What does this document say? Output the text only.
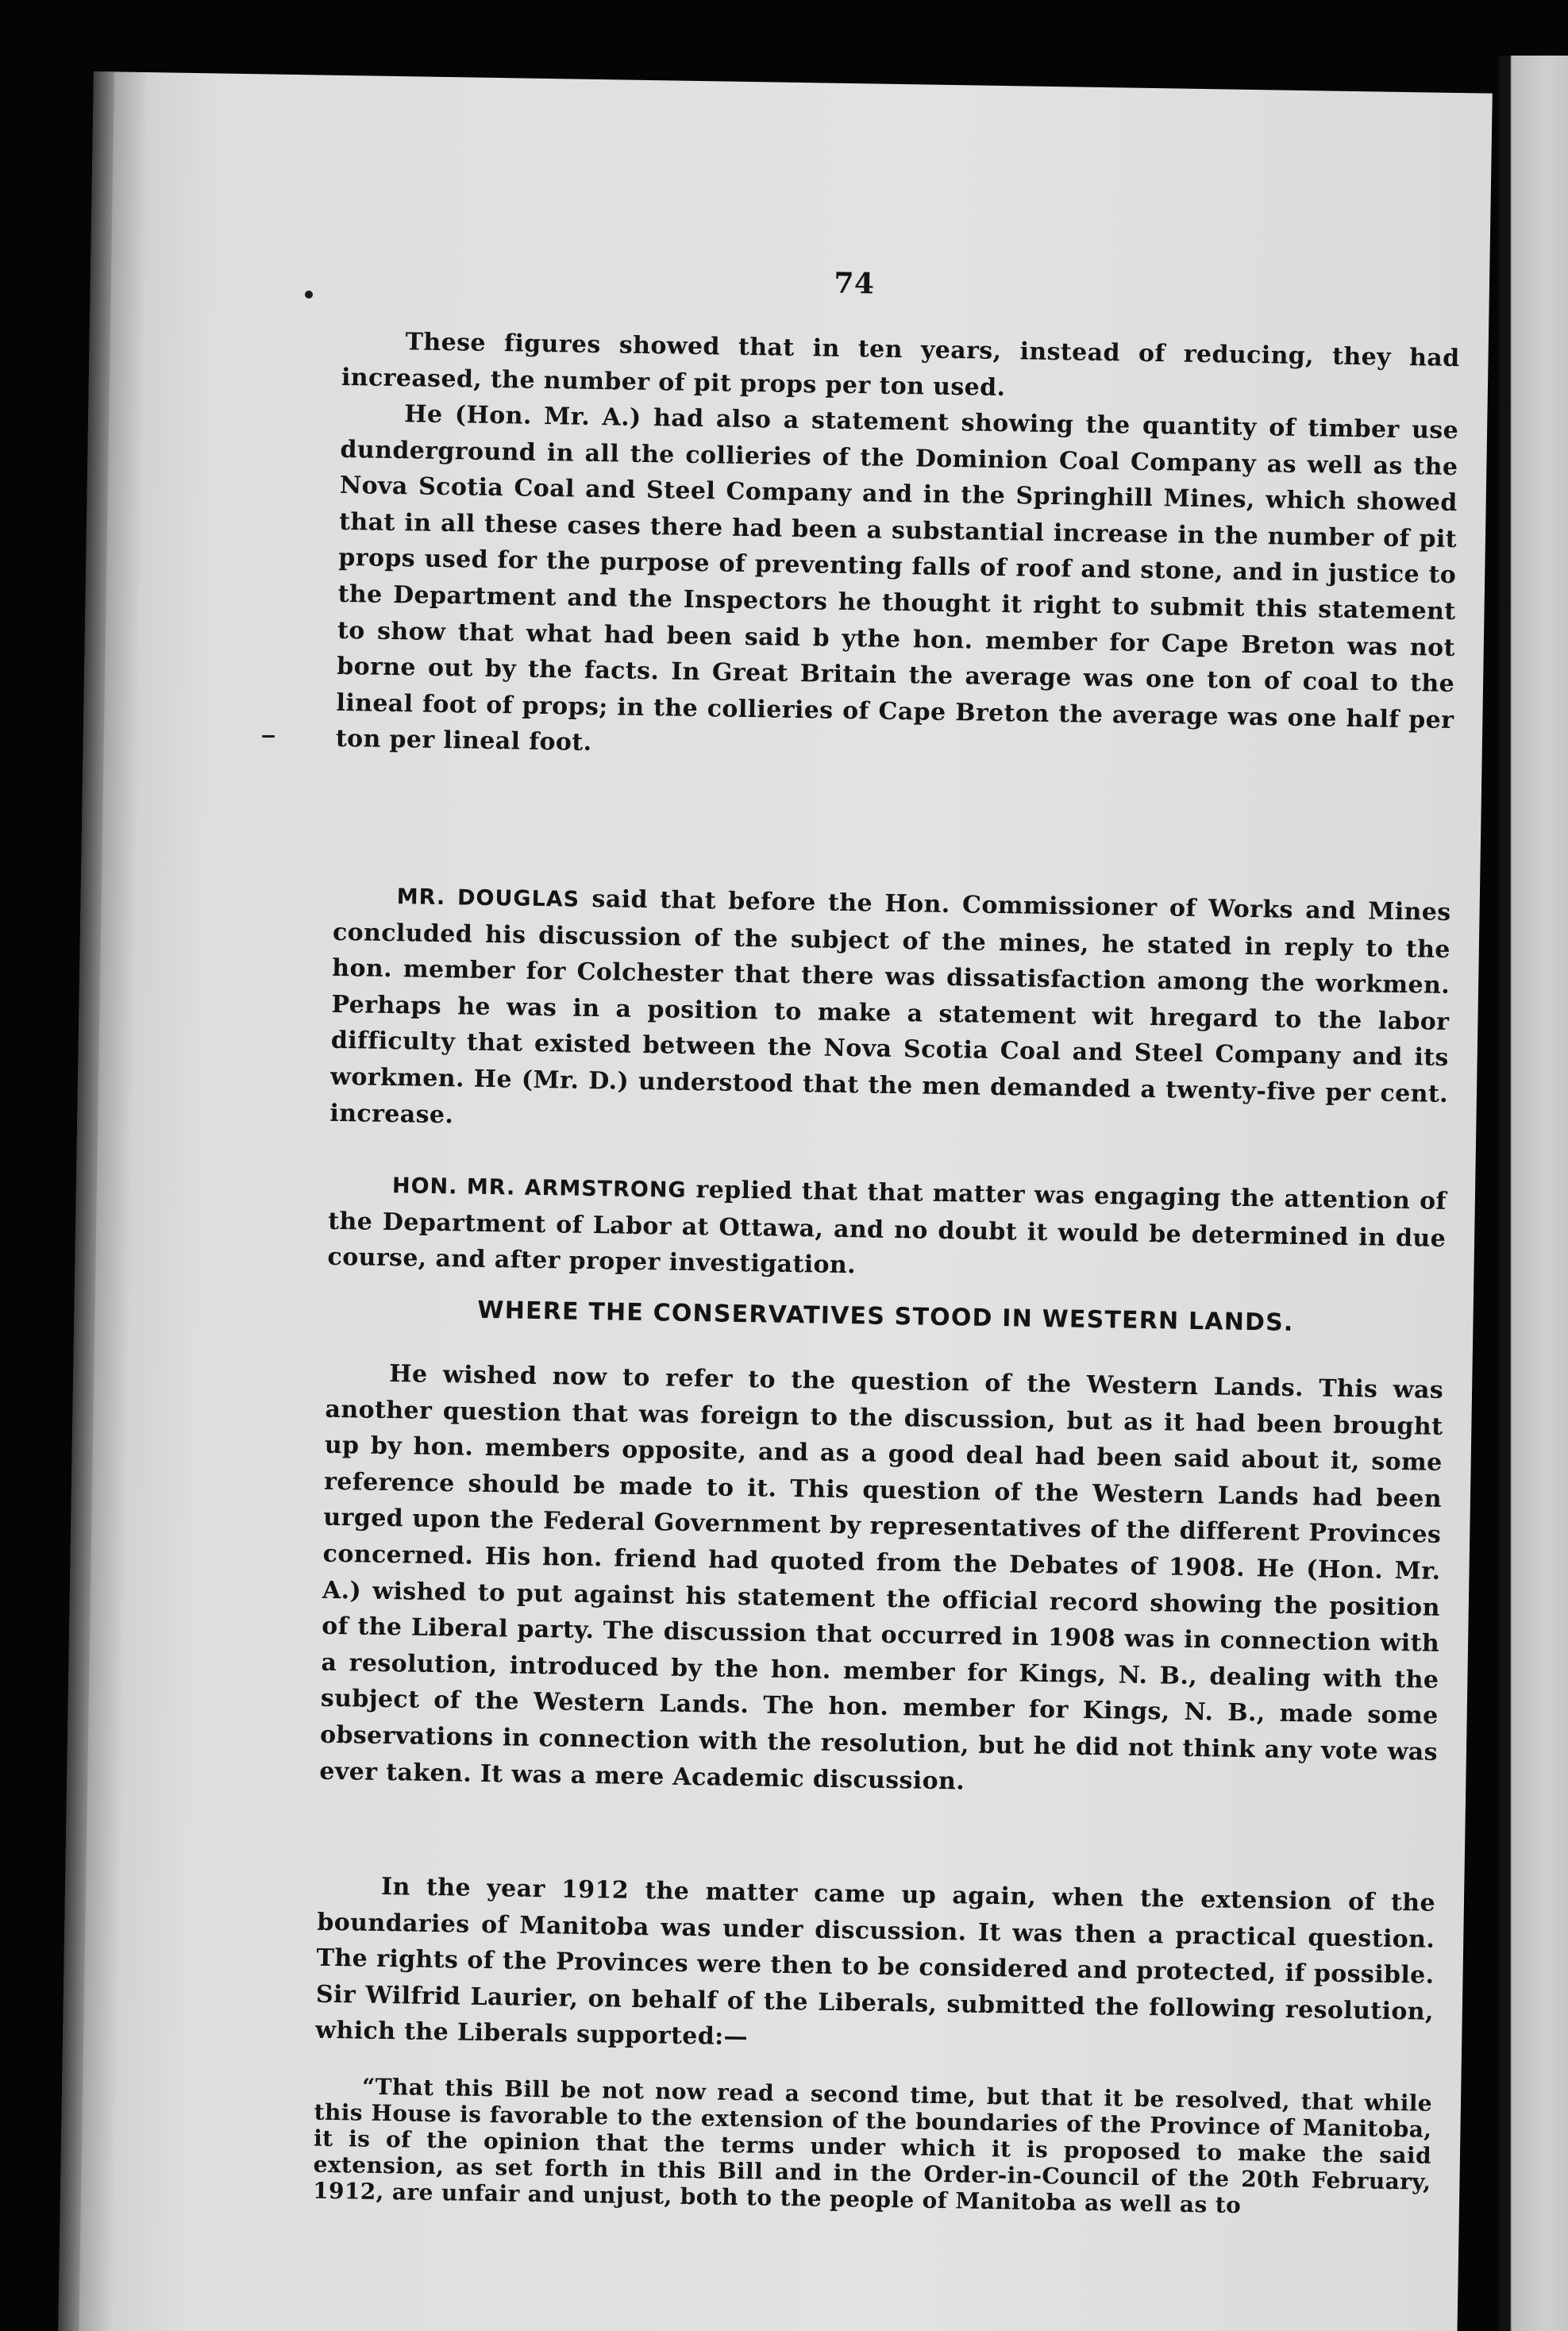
74

These figures showed that in ten years, instead of reducing, they had increased, the number of pit props per ton used.

He (Hon. Mr. A.) had also a statement showing the quantity of timber use dunderground in all the collieries of the Dominion Coal Company as well as the Nova Scotia Coal and Steel Company and in the Springhill Mines, which showed that in all these cases there had been a substantial increase in the number of pit props used for the purpose of preventing falls of roof and stone, and in justice to the Department and the Inspectors he thought it right to submit this statement to show that what had been said b ythe hon. member for Cape Breton was not borne out by the facts. In Great Britain the average was one ton of coal to the lineal foot of props; in the collieries of Cape Breton the average was one half per ton per lineal foot.

MR. DOUGLAS said that before the Hon. Commissioner of Works and Mines concluded his discussion of the subject of the mines, he stated in reply to the hon. member for Colchester that there was dissatisfaction among the workmen. Perhaps he was in a position to make a statement wit hregard to the labor difficulty that existed between the Nova Scotia Coal and Steel Company and its workmen. He (Mr. D.) understood that the men demanded a twenty-five per cent. increase.

HON. MR. ARMSTRONG replied that that matter was engaging the attention of the Department of Labor at Ottawa, and no doubt it would be determined in due course, and after proper investigation.

WHERE THE CONSERVATIVES STOOD IN WESTERN LANDS.

He wished now to refer to the question of the Western Lands. This was another question that was foreign to the discussion, but as it had been brought up by hon. members opposite, and as a good deal had been said about it, some reference should be made to it. This question of the Western Lands had been urged upon the Federal Government by representatives of the different Provinces concerned. His hon. friend had quoted from the Debates of 1908. He (Hon. Mr. A.) wished to put against his statement the official record showing the position of the Liberal party. The discussion that occurred in 1908 was in connection with a resolution, introduced by the hon. member for Kings, N. B., dealing with the subject of the Western Lands. The hon. member for Kings, N. B., made some observations in connection with the resolution, but he did not think any vote was ever taken. It was a mere Academic discussion.

In the year 1912 the matter came up again, when the extension of the boundaries of Manitoba was under discussion. It was then a practical question. The rights of the Provinces were then to be considered and protected, if possible. Sir Wilfrid Laurier, on behalf of the Liberals, submitted the following resolution, which the Liberals supported:—

“That this Bill be not now read a second time, but that it be resolved, that while this House is favorable to the extension of the boundaries of the Province of Manitoba, it is of the opinion that the terms under which it is proposed to make the said extension, as set forth in this Bill and in the Order-in-Council of the 20th February, 1912, are unfair and unjust, both to the people of Manitoba as well as to
